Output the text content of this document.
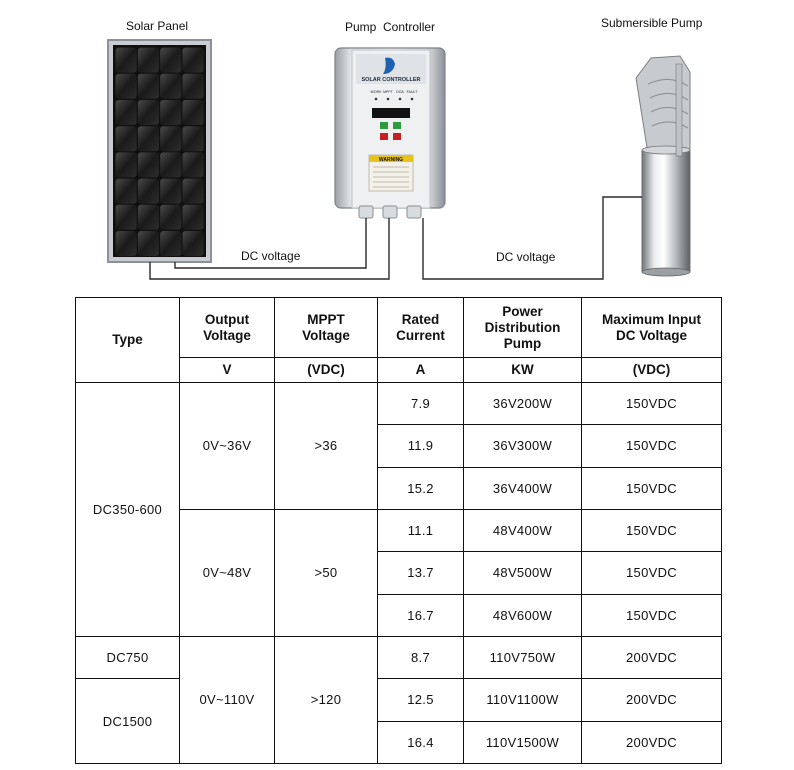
SOLAR CONTROLLER
WORK MPPT DOA FAULT
WARNING
Solar Panel	Pump  Controller	Submersible Pump
DC voltage	DC voltage
Type	Output Voltage	MPPT Voltage	Rated Current	Power Distribution Pump	Maximum Input DC Voltage
	V	(VDC)	A	KW	(VDC)
DC350-600	0V~36V	>36	7.9	36V200W	150VDC
			11.9	36V300W	150VDC
			15.2	36V400W	150VDC
	0V~48V	>50	11.1	48V400W	150VDC
			13.7	48V500W	150VDC
			16.7	48V600W	150VDC
DC750	0V~110V	>120	8.7	110V750W	200VDC
DC1500			12.5	110V1100W	200VDC
			16.4	110V1500W	200VDC
